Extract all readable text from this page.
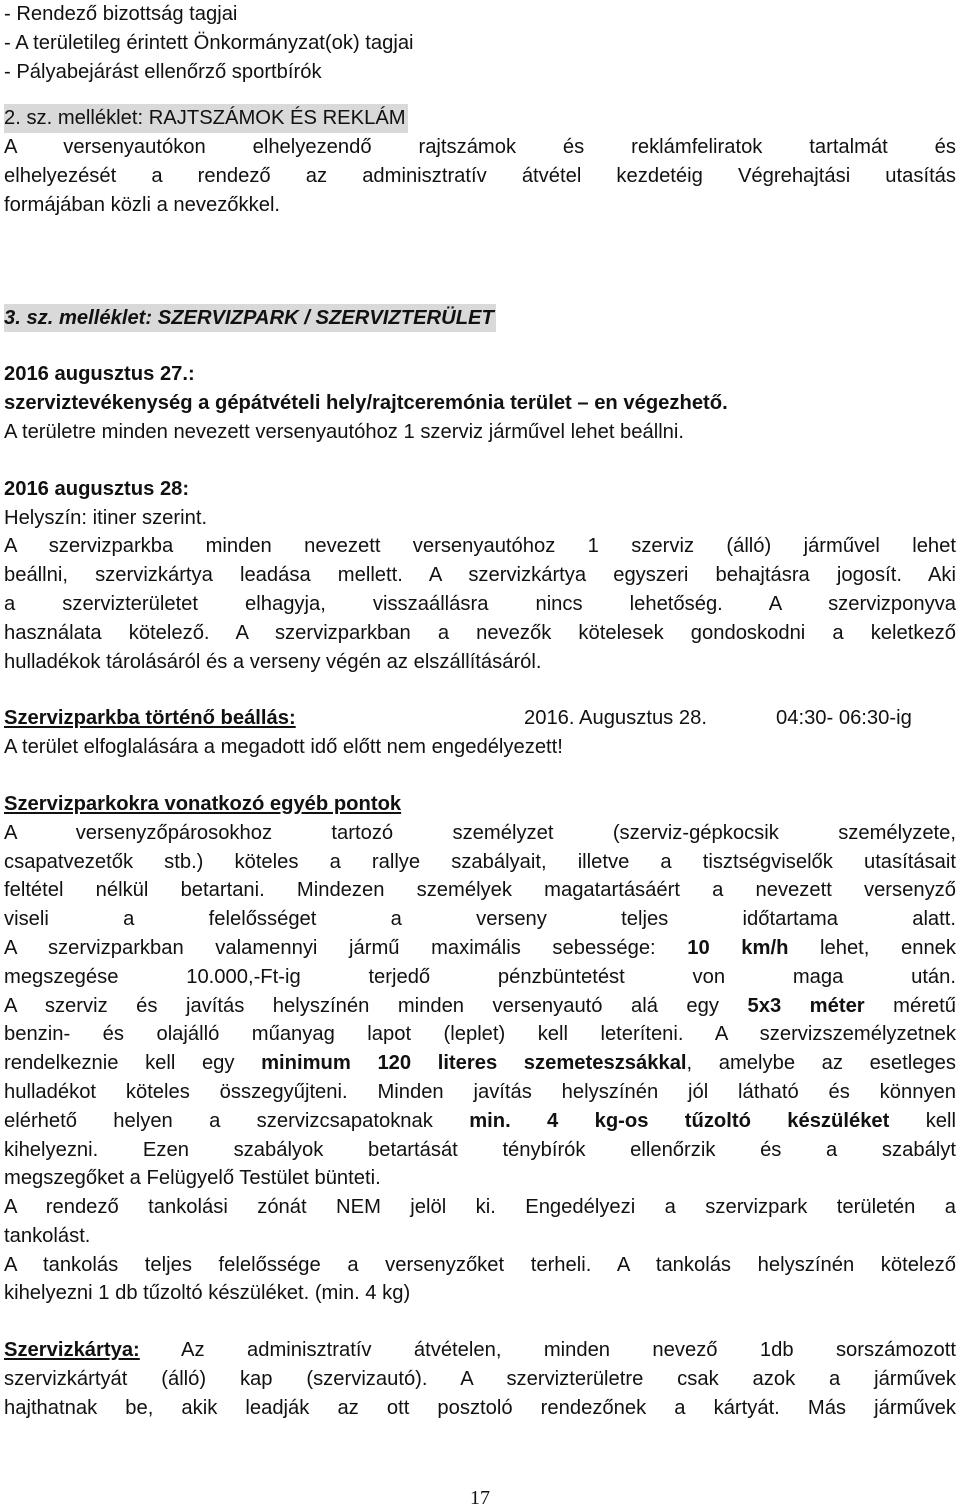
- Rendező bizottság tagjai
- A területileg érintett Önkormányzat(ok) tagjai
- Pályabejárást ellenőrző sportbírók
2. sz. melléklet: RAJTSZÁMOK ÉS REKLÁM
A versenyautókon elhelyezendő rajtszámok és reklámfeliratok tartalmát és
elhelyezését a rendező az adminisztratív átvétel kezdetéig Végrehajtási utasítás
formájában közli a nevezőkkel.
3. sz. melléklet: SZERVIZPARK / SZERVIZTERÜLET
2016 augusztus 27.:
szerviztevékenység a gépátvételi hely/rajtceremónia terület – en végezhető.
A területre minden nevezett versenyautóhoz 1 szerviz járművel lehet beállni.
2016 augusztus 28:
Helyszín: itiner szerint.
A szervizparkba minden nevezett versenyautóhoz 1 szerviz (álló) járművel lehet
beállni, szervizkártya leadása mellett. A szervizkártya egyszeri behajtásra jogosít. Aki
a szervizterületet elhagyja, visszaállásra nincs lehetőség. A szervizponyva
használata kötelező. A szervizparkban a nevezők kötelesek gondoskodni a keletkező
hulladékok tárolásáról és a verseny végén az elszállításáról.
Szervizparkba történő beállás:	2016. Augusztus 28.	04:30- 06:30-ig
A terület elfoglalására a megadott idő előtt nem engedélyezett!
Szervizparkokra vonatkozó egyéb pontok
A versenyzőpárosokhoz tartozó személyzet (szerviz-gépkocsik személyzete,
csapatvezetők stb.) köteles a rallye szabályait, illetve a tisztségviselők utasításait
feltétel nélkül betartani. Mindezen személyek magatartásáért a nevezett versenyző
viseli a felelősséget a verseny teljes időtartama alatt.
A szervizparkban valamennyi jármű maximális sebessége: 10 km/h lehet, ennek
megszegése 10.000,-Ft-ig terjedő pénzbüntetést von maga után.
A szerviz és javítás helyszínén minden versenyautó alá egy 5x3 méter méretű
benzin- és olajálló műanyag lapot (leplet) kell leteríteni. A szervizszemélyzetnek
rendelkeznie kell egy minimum 120 literes szemeteszsákkal, amelybe az esetleges
hulladékot köteles összegyűjteni. Minden javítás helyszínén jól látható és könnyen
elérhető helyen a szervizcsapatoknak min. 4 kg-os tűzoltó készüléket kell
kihelyezni. Ezen szabályok betartását ténybírók ellenőrzik és a szabályt
megszegőket a Felügyelő Testület bünteti.
A rendező tankolási zónát NEM jelöl ki. Engedélyezi a szervizpark területén a
tankolást.
A tankolás teljes felelőssége a versenyzőket terheli. A tankolás helyszínén kötelező
kihelyezni 1 db tűzoltó készüléket. (min. 4 kg)
Szervizkártya: Az adminisztratív átvételen, minden nevező 1db sorszámozott
szervizkártyát (álló) kap (szervizautó). A szervizterületre csak azok a járművek
hajthatnak be, akik leadják az ott posztoló rendezőnek a kártyát. Más járművek
17
